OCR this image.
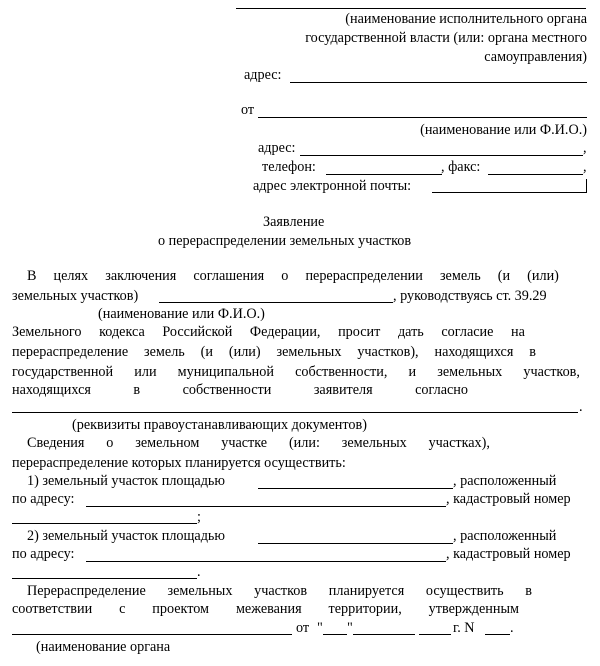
(наименование исполнительного органа
государственной власти (или: органа местного
самоуправления)
адрес:
от
(наименование или Ф.И.О.)
адрес:	,
телефон:	, факс:	,
адрес электронной почты:
Заявление
о перераспределении земельных участков
В целях заключения соглашения о перераспределении земель (и (или)
земельных участков)	, руководствуясь ст. 39.29
(наименование или Ф.И.О.)
Земельного кодекса Российской Федерации, просит дать согласие на
перераспределение земель (и (или) земельных участков), находящихся в
государственной или муниципальной собственности, и земельных участков,
находящихся	в	собственности	заявителя	согласно
.
(реквизиты правоустанавливающих документов)
Сведения о земельном участке (или: земельных участках),
перераспределение которых планируется осуществить:
1) земельный участок площадью	, расположенный
по адресу:	, кадастровый номер
;
2) земельный участок площадью	, расположенный
по адресу:	, кадастровый номер
.
Перераспределение земельных участков планируется осуществить в
соответствии с проектом межевания территории, утвержденным
от " "	г. N .
(наименование органа
